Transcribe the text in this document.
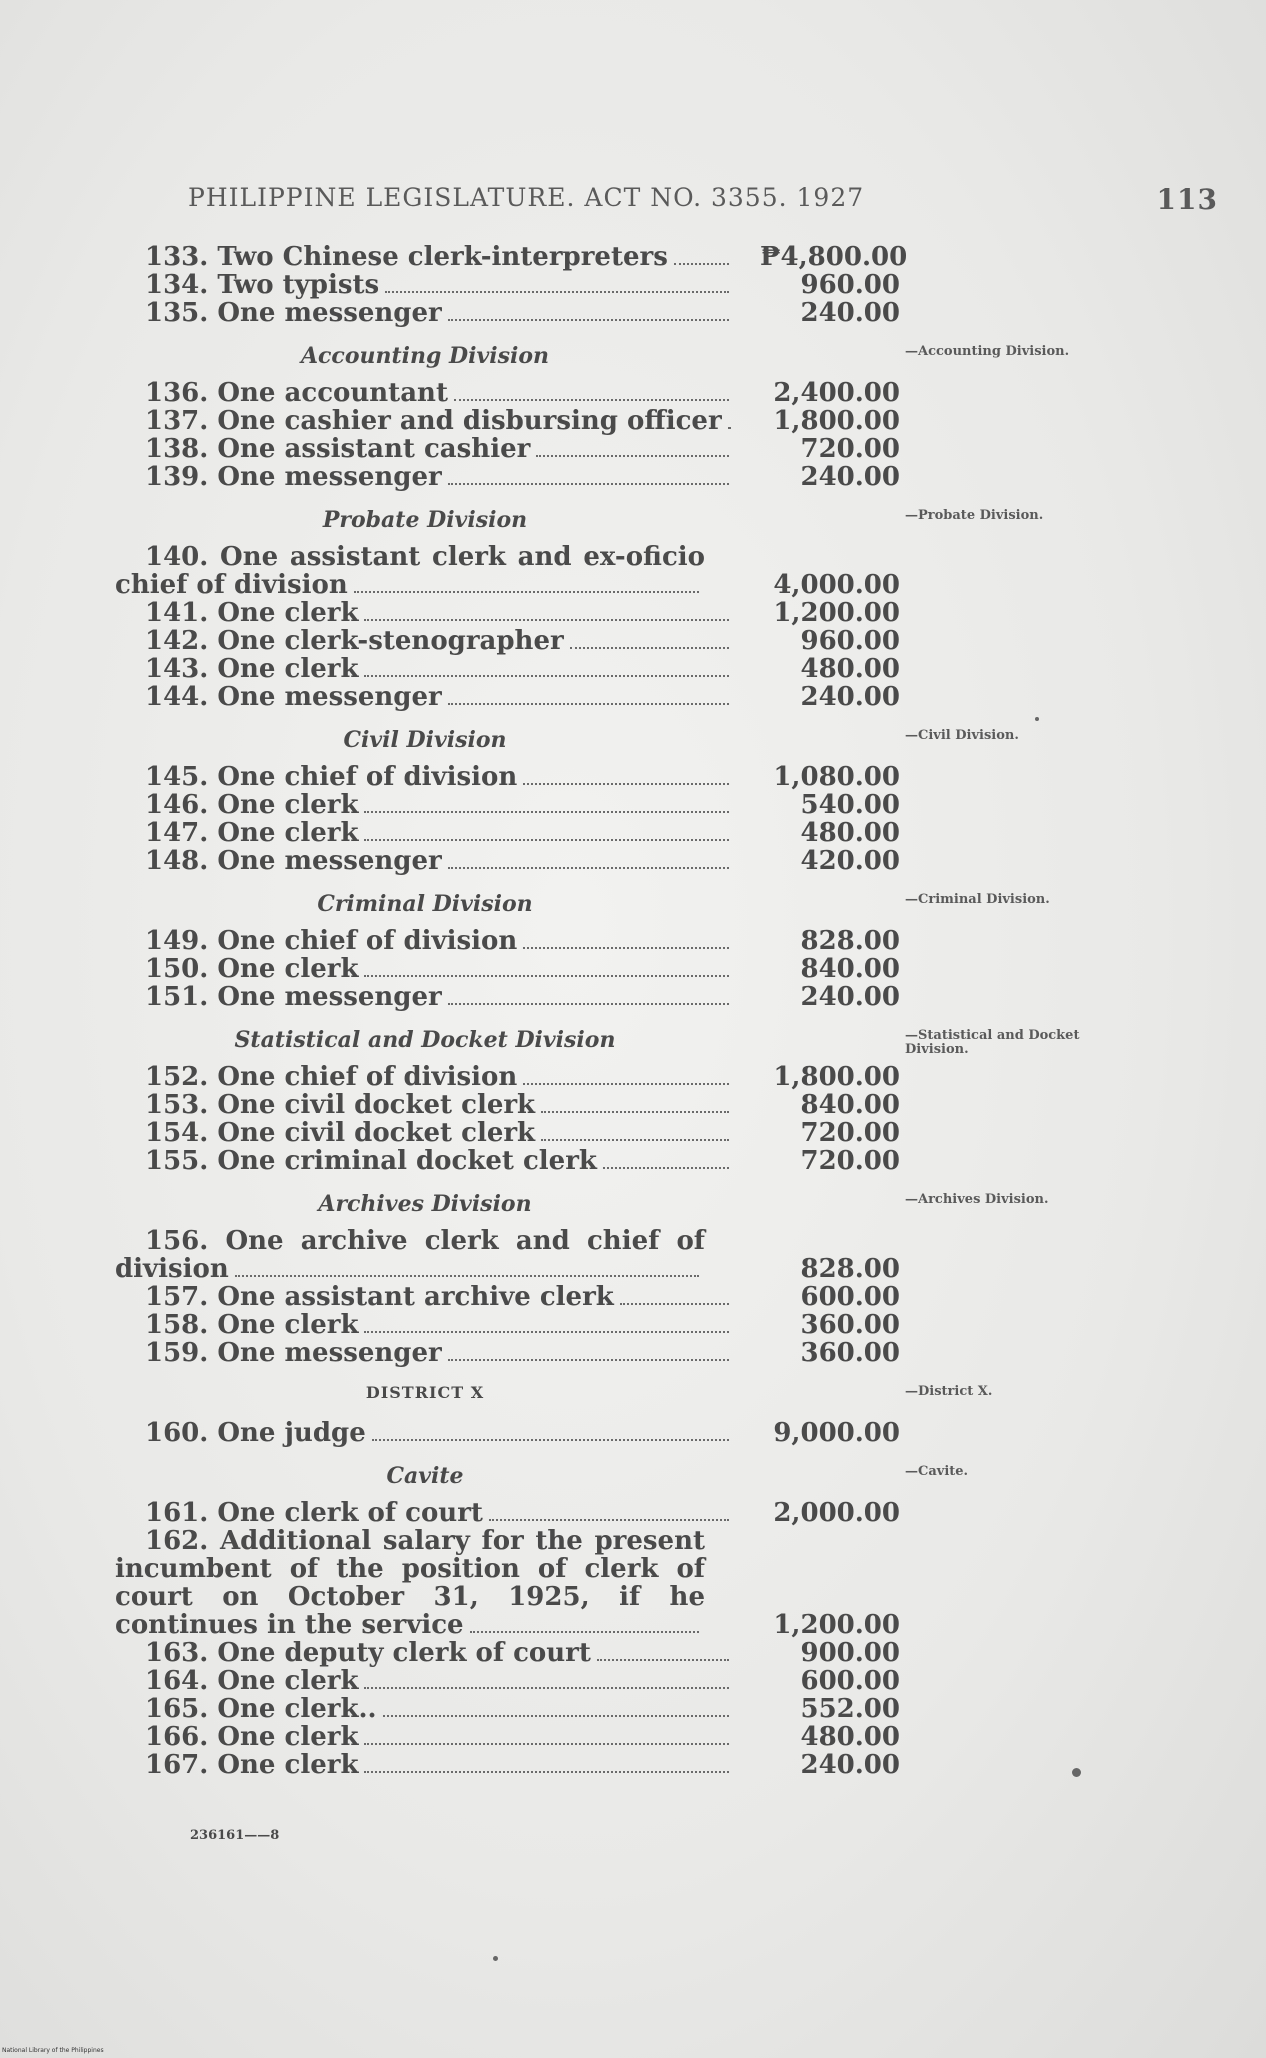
PHILIPPINE LEGISLATURE. ACT NO. 3355. 1927	113
133. Two Chinese clerk-interpreters	₱4,800.00
134. Two typists	960.00
135. One messenger	240.00
Accounting Division	—Accounting Division.
136. One accountant	2,400.00
137. One cashier and disbursing officer	1,800.00
138. One assistant cashier	720.00
139. One messenger	240.00
Probate Division	—Probate Division.
140. One assistant clerk and ex-oficio chief of division	4,000.00
141. One clerk	1,200.00
142. One clerk-stenographer	960.00
143. One clerk	480.00
144. One messenger	240.00
Civil Division	—Civil Division.
145. One chief of division	1,080.00
146. One clerk	540.00
147. One clerk	480.00
148. One messenger	420.00
Criminal Division	—Criminal Division.
149. One chief of division	828.00
150. One clerk	840.00
151. One messenger	240.00
Statistical and Docket Division	—Statistical and Docket Division.
152. One chief of division	1,800.00
153. One civil docket clerk	840.00
154. One civil docket clerk	720.00
155. One criminal docket clerk	720.00
Archives Division	—Archives Division.
156. One archive clerk and chief of division	828.00
157. One assistant archive clerk	600.00
158. One clerk	360.00
159. One messenger	360.00
DISTRICT X	—District X.
160. One judge	9,000.00
Cavite	—Cavite.
161. One clerk of court	2,000.00
162. Additional salary for the present incumbent of the position of clerk of court on October 31, 1925, if he continues in the service	1,200.00
163. One deputy clerk of court	900.00
164. One clerk	600.00
165. One clerk..	552.00
166. One clerk	480.00
167. One clerk	240.00
236161——8
National Library of the Philippines
